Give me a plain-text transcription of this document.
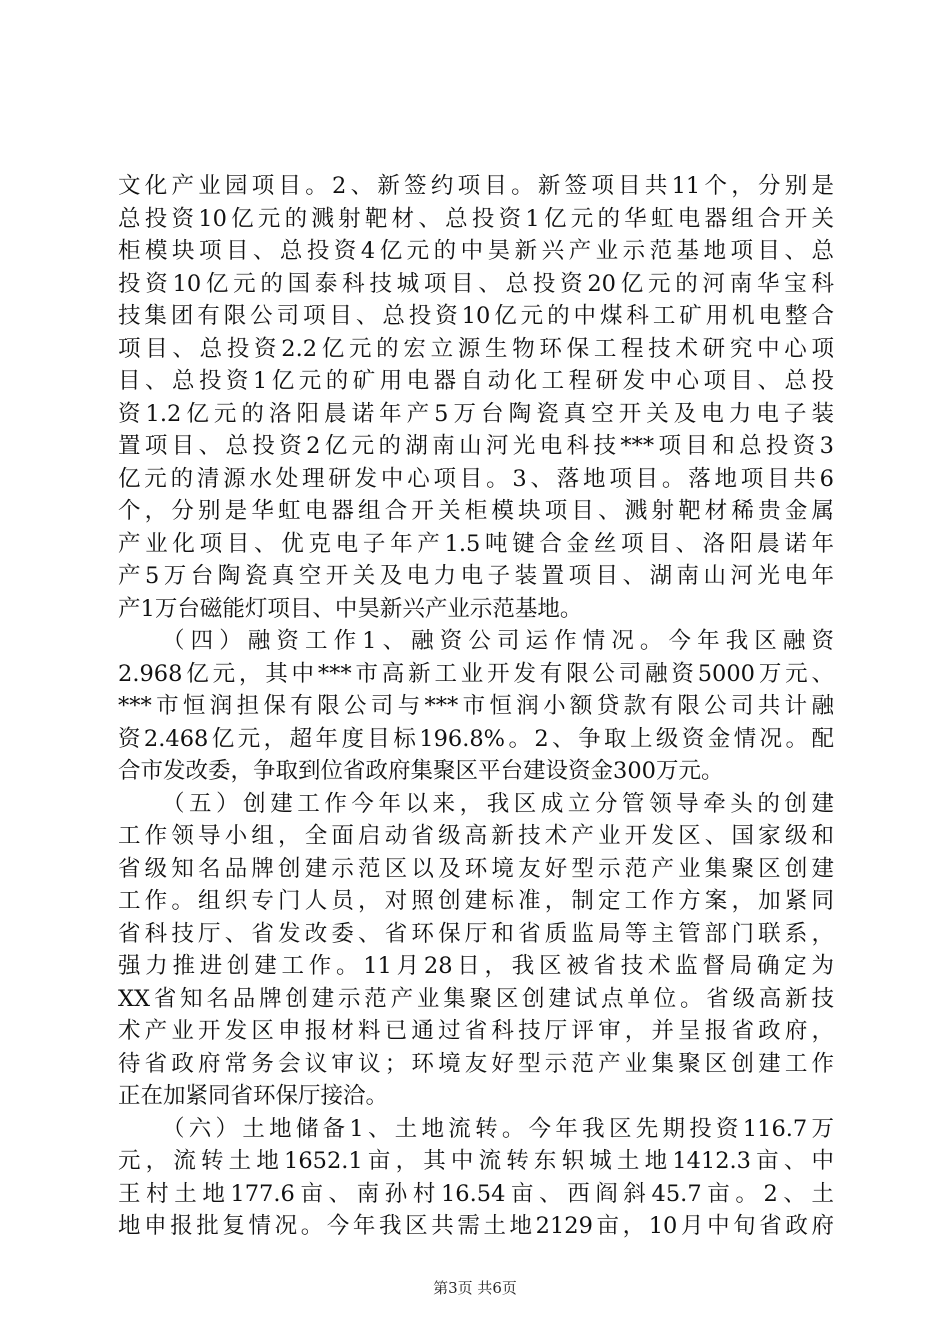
文化产业园项目。2、新签约项目。新签项目共11个，分别是
总投资10亿元的溅射靶材、总投资1亿元的华虹电器组合开关
柜模块项目、总投资4亿元的中昊新兴产业示范基地项目、总
投资10亿元的国泰科技城项目、总投资20亿元的河南华宝科
技集团有限公司项目、总投资10亿元的中煤科工矿用机电整合
项目、总投资2.2亿元的宏立源生物环保工程技术研究中心项
目、总投资1亿元的矿用电器自动化工程研发中心项目、总投
资1.2亿元的洛阳晨诺年产5万台陶瓷真空开关及电力电子装
置项目、总投资2亿元的湖南山河光电科技***项目和总投资3
亿元的清源水处理研发中心项目。3、落地项目。落地项目共6
个，分别是华虹电器组合开关柜模块项目、溅射靶材稀贵金属
产业化项目、优克电子年产1.5吨键合金丝项目、洛阳晨诺年
产5万台陶瓷真空开关及电力电子装置项目、湖南山河光电年
产1万台磁能灯项目、中昊新兴产业示范基地。
（四）融资工作1、融资公司运作情况。今年我区融资
2.968亿元，其中***市高新工业开发有限公司融资5000万元、
***市恒润担保有限公司与***市恒润小额贷款有限公司共计融
资2.468亿元，超年度目标196.8%。2、争取上级资金情况。配
合市发改委，争取到位省政府集聚区平台建设资金300万元。
（五）创建工作今年以来，我区成立分管领导牵头的创建
工作领导小组，全面启动省级高新技术产业开发区、国家级和
省级知名品牌创建示范区以及环境友好型示范产业集聚区创建
工作。组织专门人员，对照创建标准，制定工作方案，加紧同
省科技厅、省发改委、省环保厅和省质监局等主管部门联系，
强力推进创建工作。11月28日，我区被省技术监督局确定为
XX省知名品牌创建示范产业集聚区创建试点单位。省级高新技
术产业开发区申报材料已通过省科技厅评审，并呈报省政府，
待省政府常务会议审议；环境友好型示范产业集聚区创建工作
正在加紧同省环保厅接洽。
（六）土地储备1、土地流转。今年我区先期投资116.7万
元，流转土地1652.1亩，其中流转东轵城土地1412.3亩、中
王村土地177.6亩、南孙村16.54亩、西阎斜45.7亩。2、土
地申报批复情况。今年我区共需土地2129亩，10月中旬省政府
第3页 共6页
